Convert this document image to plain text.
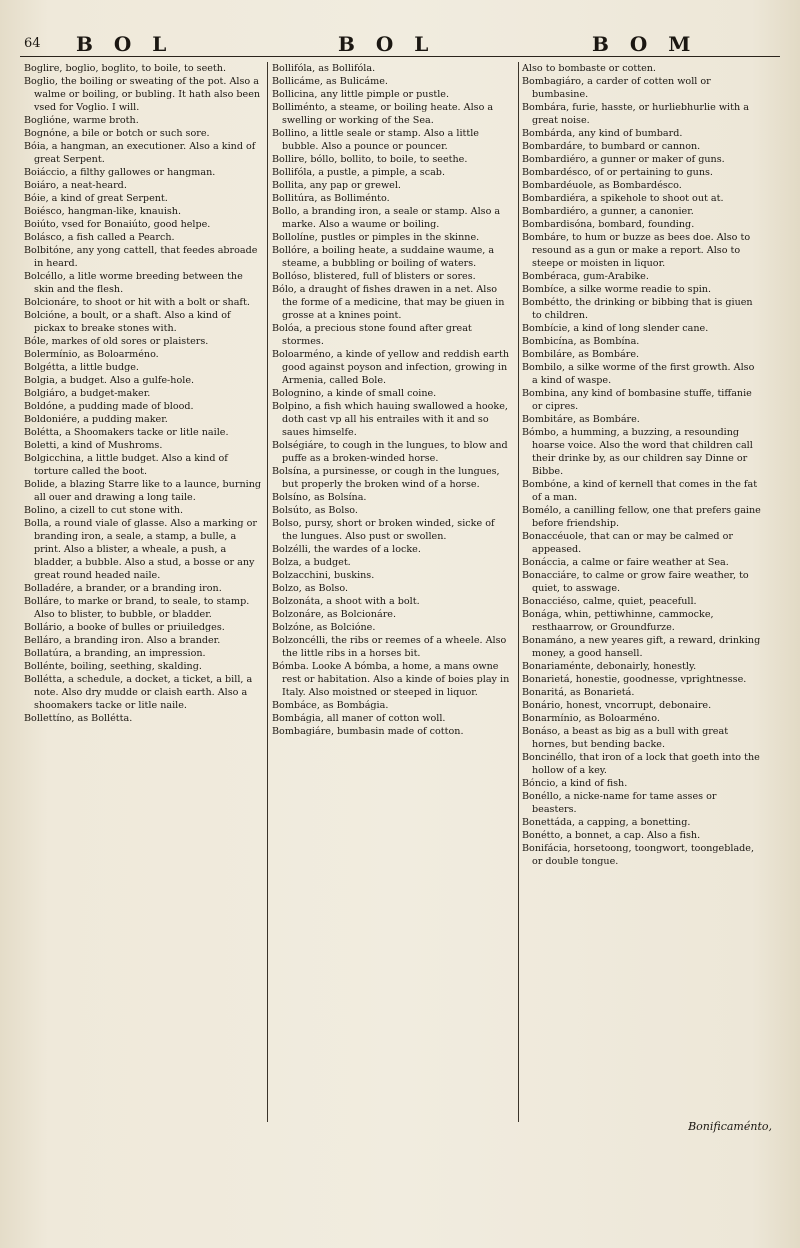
64 B O L	B O L	B O M

Boglire, boglio, boglito, to boile, to seeth.

Boglio, the boiling or sweating of the pot. Also a walme or boiling, or bubling. It hath also been vsed for Voglio. I will.

Boglióne, warme broth.

Bognóne, a bile or botch or such sore.

Bóia, a hangman, an executioner. Also a kind of great Serpent.

Boiáccio, a filthy gallowes or hangman.

Boiáro, a neat-heard.

Bóie, a kind of great Serpent.

Boiésco, hangman-like, knauish.

Boiúto, vsed for Bonaiúto, good helpe.

Bolásco, a fish called a Pearch.

Bolbitóne, any yong cattell, that feedes abroade in heard.

Bolcéllo, a litle worme breeding between the skin and the flesh.

Bolcionáre, to shoot or hit with a bolt or shaft.

Bolcióne, a boult, or a shaft. Also a kind of pickax to breake stones with.

Bóle, markes of old sores or plaisters.

Bolermínio, as Boloarméno.

Bolgétta, a little budge.

Bolgia, a budget. Also a gulfe-hole.

Bolgiáro, a budget-maker.

Boldóne, a pudding made of blood.

Boldoniére, a pudding maker.

Bolétta, a Shoomakers tacke or litle naile.

Boletti, a kind of Mushroms.

Bolgicchina, a little budget. Also a kind of torture called the boot.

Bolide, a blazing Starre like to a launce, burning all ouer and drawing a long taile.

Bolino, a cizell to cut stone with.

Bolla, a round viale of glasse. Also a marking or branding iron, a seale, a stamp, a bulle, a print. Also a blister, a wheale, a push, a bladder, a bubble. Also a stud, a bosse or any great round headed naile.

Bolladére, a brander, or a branding iron.

Bolláre, to marke or brand, to seale, to stamp. Also to blister, to bubble, or bladder.

Bollário, a booke of bulles or priuiledges.

Belláro, a branding iron. Also a brander.

Bollatúra, a branding, an impression.

Bollénte, boiling, seething, skalding.

Bollétta, a schedule, a docket, a ticket, a bill, a note. Also dry mudde or claish earth. Also a shoomakers tacke or litle naile.

Bollettíno, as Bollétta.

Bollifóla, as Bollifóla.

Bollicáme, as Bulicáme.

Bollicina, any little pimple or pustle.

Bolliménto, a steame, or boiling heate. Also a swelling or working of the Sea.

Bollino, a little seale or stamp. Also a little bubble. Also a pounce or pouncer.

Bollire, bóllo, bollito, to boile, to seethe.

Bollifóla, a pustle, a pimple, a scab.

Bollita, any pap or grewel.

Bollitúra, as Bolliménto.

Bollo, a branding iron, a seale or stamp. Also a marke. Also a waume or boiling.

Bollolíne, pustles or pimples in the skinne.

Bollóre, a boiling heate, a suddaine waume, a steame, a bubbling or boiling of waters.

Bollóso, blistered, full of blisters or sores.

Bólo, a draught of fishes drawen in a net. Also the forme of a medicine, that may be giuen in grosse at a knines point.

Bolóa, a precious stone found after great stormes.

Boloarméno, a kinde of yellow and reddish earth good against poyson and infection, growing in Armenia, called Bole.

Bolognino, a kinde of small coine.

Bolpino, a fish which hauing swallowed a hooke, doth cast vp all his entrailes with it and so saues himselfe.

Bolségiáre, to cough in the lungues, to blow and puffe as a broken-winded horse.

Bolsína, a pursinesse, or cough in the lungues, but properly the broken wind of a horse.

Bolsíno, as Bolsína.

Bolsúto, as Bolso.

Bolso, pursy, short or broken winded, sicke of the lungues. Also pust or swollen.

Bolzélli, the wardes of a locke.

Bolza, a budget.

Bolzacchini, buskins.

Bolzo, as Bolso.

Bolzonáta, a shoot with a bolt.

Bolzonáre, as Bolcionáre.

Bolzóne, as Bolcióne.

Bolzoncélli, the ribs or reemes of a wheele. Also the little ribs in a horses bit.

Bómba. Looke A bómba, a home, a mans owne rest or habitation. Also a kinde of boies play in Italy. Also moistned or steeped in liquor.

Bombáce, as Bombágia.

Bombágia, all maner of cotton woll.

Bombagiáre, bumbasin made of cotton.

Also to bombaste or cotten.

Bombagiáro, a carder of cotten woll or bumbasine.

Bombára, furie, hasste, or hurliebhurlie with a great noise.

Bombárda, any kind of bumbard.

Bombardáre, to bumbard or cannon.

Bombardiéro, a gunner or maker of guns.

Bombardésco, of or pertaining to guns.

Bombardéuole, as Bombardésco.

Bombardiéra, a spikehole to shoot out at.

Bombardiéro, a gunner, a canonier.

Bombardisóna, bombard, founding.

Bombáre, to hum or buzze as bees doe. Also to resound as a gun or make a report. Also to steepe or moisten in liquor.

Bombéraca, gum-Arabike.

Bombíce, a silke worme readie to spin.

Bombétto, the drinking or bibbing that is giuen to children.

Bombície, a kind of long slender cane.

Bombicína, as Bombína.

Bombiláre, as Bombáre.

Bombilo, a silke worme of the first growth. Also a kind of waspe.

Bombina, any kind of bombasine stuffe, tiffanie or cipres.

Bombitáre, as Bombáre.

Bómbo, a humming, a buzzing, a resounding hoarse voice. Also the word that children call their drinke by, as our children say Dinne or Bibbe.

Bombóne, a kind of kernell that comes in the fat of a man.

Bomélo, a canilling fellow, one that prefers gaine before friendship.

Bonaccéuole, that can or may be calmed or appeased.

Bonáccia, a calme or faire weather at Sea.

Bonacciáre, to calme or grow faire weather, to quiet, to asswage.

Bonacciéso, calme, quiet, peacefull.

Bonága, whin, pettiwhinne, cammocke, resthaarrow, or Groundfurze.

Bonamáno, a new yeares gift, a reward, drinking money, a good hansell.

Bonariaménte, debonairly, honestly.

Bonarietá, honestie, goodnesse, vprightnesse.

Bonaritá, as Bonarietá.

Bonário, honest, vncorrupt, debonaire.

Bonarmínio, as Boloarméno.

Bonáso, a beast as big as a bull with great hornes, but bending backe.

Boncinéllo, that iron of a lock that goeth into the hollow of a key.

Bóncio, a kind of fish.

Bonéllo, a nicke-name for tame asses or beasters.

Bonettáda, a capping, a bonetting.

Bonétto, a bonnet, a cap. Also a fish.

Bonifácia, horsetoong, toongwort, toongeblade, or double tongue.

Bonificaménto,
